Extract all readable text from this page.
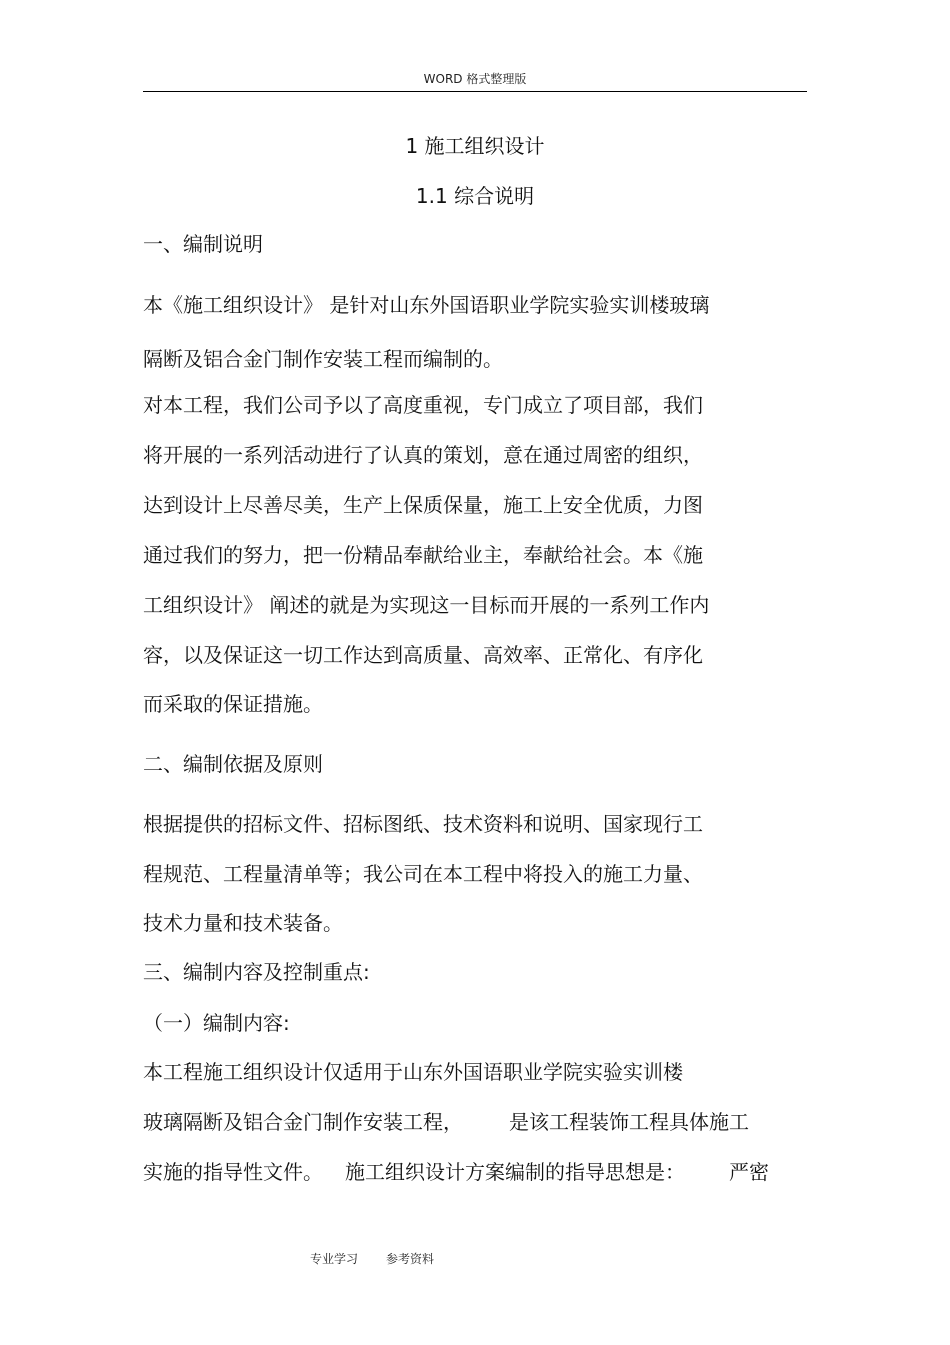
WORD 格式整理版
1 施工组织设计
1.1 综合说明
一、编制说明
本《施工组织设计》 是针对山东外国语职业学院实验实训楼玻璃
隔断及铝合金门制作安装工程而编制的。
对本工程，我们公司予以了高度重视，专门成立了项目部，我们
将开展的一系列活动进行了认真的策划，意在通过周密的组织，
达到设计上尽善尽美，生产上保质保量，施工上安全优质，力图
通过我们的努力，把一份精品奉献给业主，奉献给社会。本《施
工组织设计》 阐述的就是为实现这一目标而开展的一系列工作内
容，以及保证这一切工作达到高质量、高效率、正常化、有序化
而采取的保证措施。
二、编制依据及原则
根据提供的招标文件、招标图纸、技术资料和说明、国家现行工
程规范、工程量清单等；我公司在本工程中将投入的施工力量、
技术力量和技术装备。
三、编制内容及控制重点:
（一）编制内容:
本工程施工组织设计仅适用于山东外国语职业学院实验实训楼
玻璃隔断及铝合金门制作安装工程， 是该工程装饰工程具体施工
实施的指导性文件。 施工组织设计方案编制的指导思想是： 严密
专业学习 参考资料
